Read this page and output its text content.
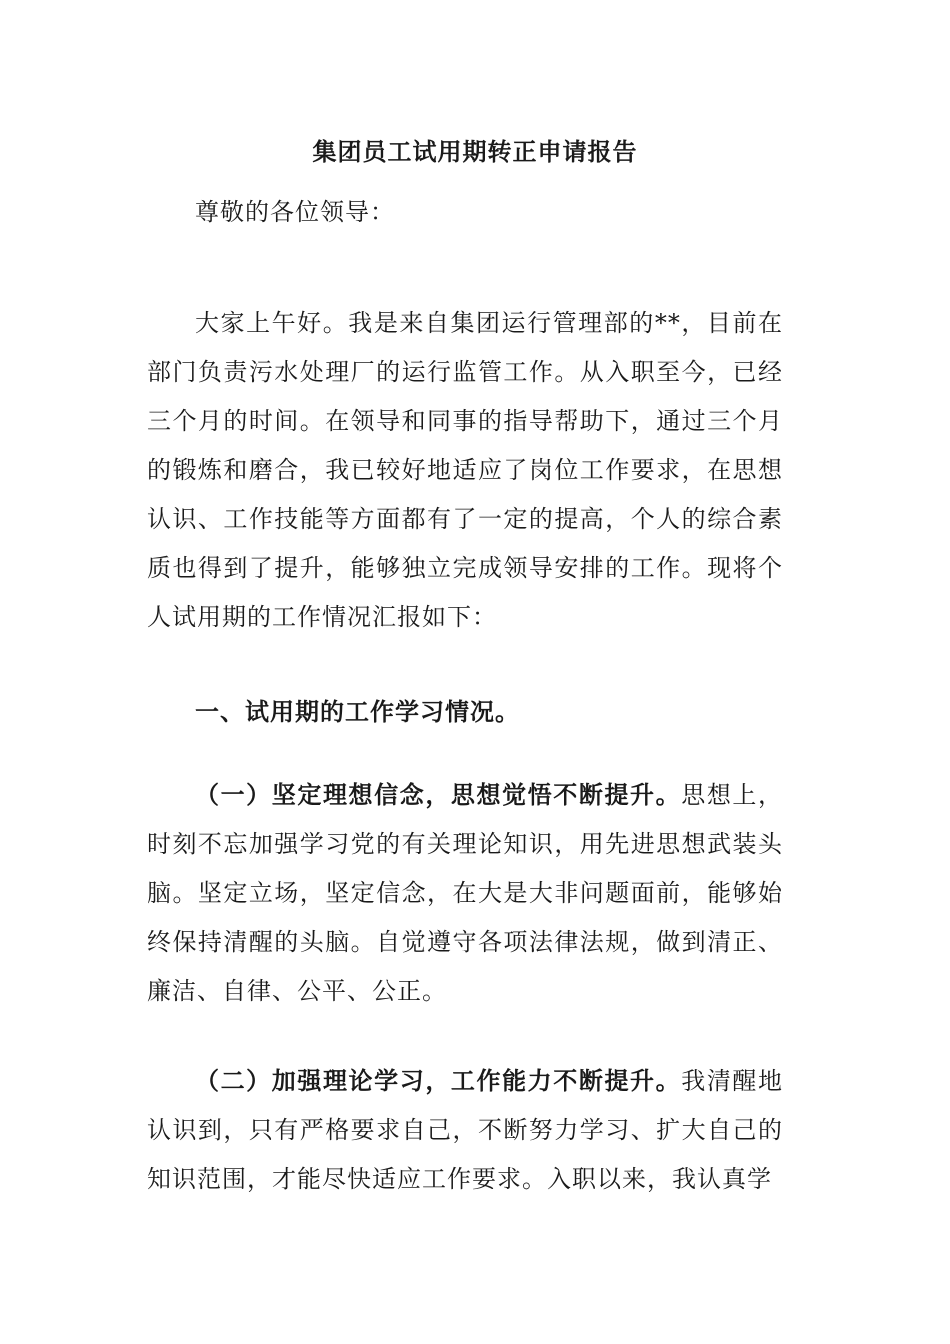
集团员工试用期转正申请报告

尊敬的各位领导：

大家上午好。我是来自集团运行管理部的**，目前在部门负责污水处理厂的运行监管工作。从入职至今，已经三个月的时间。在领导和同事的指导帮助下，通过三个月的锻炼和磨合，我已较好地适应了岗位工作要求，在思想认识、工作技能等方面都有了一定的提高，个人的综合素质也得到了提升，能够独立完成领导安排的工作。现将个人试用期的工作情况汇报如下：

一、试用期的工作学习情况。

（一）坚定理想信念，思想觉悟不断提升。思想上，时刻不忘加强学习党的有关理论知识，用先进思想武装头脑。坚定立场，坚定信念，在大是大非问题面前，能够始终保持清醒的头脑。自觉遵守各项法律法规，做到清正、廉洁、自律、公平、公正。

（二）加强理论学习，工作能力不断提升。我清醒地认识到，只有严格要求自己，不断努力学习、扩大自己的知识范围，才能尽快适应工作要求。入职以来，我认真学
